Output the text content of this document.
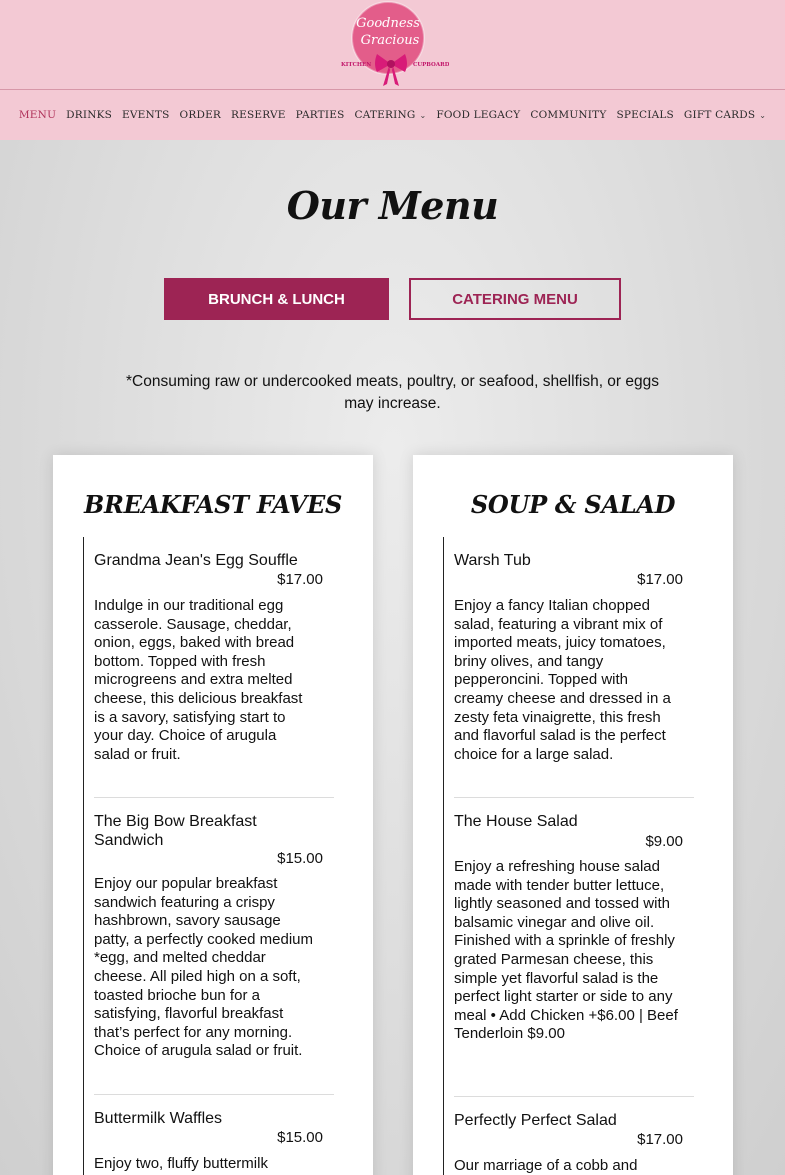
Goodness
Gracious
KITCHEN	CUPBOARD
MENU DRINKS EVENTS ORDER RESERVE PARTIES CATERING ⌄ FOOD LEGACY COMMUNITY SPECIALS GIFT CARDS ⌄
Our Menu
BRUNCH & LUNCH	CATERING MENU

*Consuming raw or undercooked meats, poultry, or seafood, shellfish, or eggs may increase.

BREAKFAST FAVES
Grandma Jean's Egg Souffle
$17.00
Indulge in our traditional egg casserole. Sausage, cheddar, onion, eggs, baked with bread bottom. Topped with fresh microgreens and extra melted cheese, this delicious breakfast is a savory, satisfying start to your day. Choice of arugula salad or fruit.
The Big Bow Breakfast Sandwich
$15.00
Enjoy our popular breakfast sandwich featuring a crispy hashbrown, savory sausage patty, a perfectly cooked medium *egg, and melted cheddar cheese. All piled high on a soft, toasted brioche bun for a satisfying, flavorful breakfast that’s perfect for any morning. Choice of arugula salad or fruit.
Buttermilk Waffles
$15.00
Enjoy two, fluffy buttermilk
SOUP & SALAD
Warsh Tub
$17.00
Enjoy a fancy Italian chopped salad, featuring a vibrant mix of imported meats, juicy tomatoes, briny olives, and tangy pepperoncini. Topped with creamy cheese and dressed in a zesty feta vinaigrette, this fresh and flavorful salad is the perfect choice for a large salad.
The House Salad
$9.00
Enjoy a refreshing house salad made with tender butter lettuce, lightly seasoned and tossed with balsamic vinegar and olive oil. Finished with a sprinkle of freshly grated Parmesan cheese, this simple yet flavorful salad is the perfect light starter or side to any meal • Add Chicken +$6.00 | Beef Tenderloin $9.00
Perfectly Perfect Salad
$17.00
Our marriage of a cobb and
